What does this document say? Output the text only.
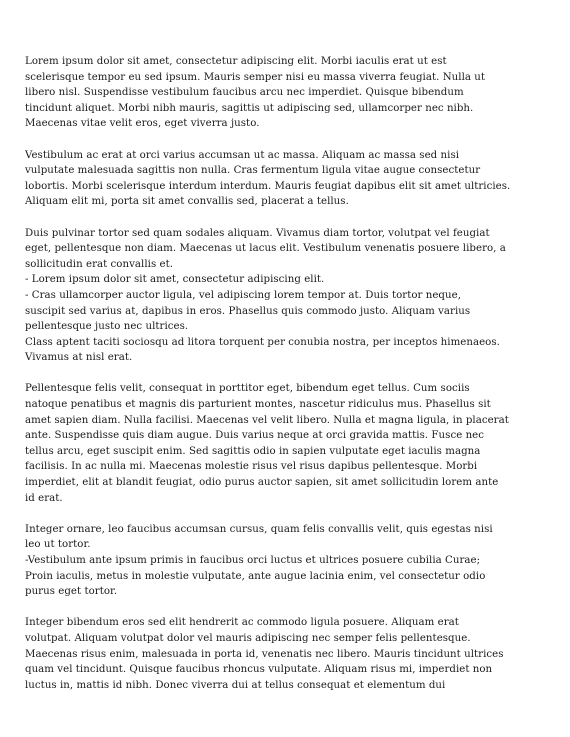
Lorem ipsum dolor sit amet, consectetur adipiscing elit. Morbi iaculis erat ut est
scelerisque tempor eu sed ipsum. Mauris semper nisi eu massa viverra feugiat. Nulla ut
libero nisl. Suspendisse vestibulum faucibus arcu nec imperdiet. Quisque bibendum
tincidunt aliquet. Morbi nibh mauris, sagittis ut adipiscing sed, ullamcorper nec nibh.
Maecenas vitae velit eros, eget viverra justo.

Vestibulum ac erat at orci varius accumsan ut ac massa. Aliquam ac massa sed nisi
vulputate malesuada sagittis non nulla. Cras fermentum ligula vitae augue consectetur
lobortis. Morbi scelerisque interdum interdum. Mauris feugiat dapibus elit sit amet ultricies.
Aliquam elit mi, porta sit amet convallis sed, placerat a tellus.

Duis pulvinar tortor sed quam sodales aliquam. Vivamus diam tortor, volutpat vel feugiat
eget, pellentesque non diam. Maecenas ut lacus elit. Vestibulum venenatis posuere libero, a
sollicitudin erat convallis et.
- Lorem ipsum dolor sit amet, consectetur adipiscing elit.
- Cras ullamcorper auctor ligula, vel adipiscing lorem tempor at. Duis tortor neque,
suscipit sed varius at, dapibus in eros. Phasellus quis commodo justo. Aliquam varius
pellentesque justo nec ultrices.
Class aptent taciti sociosqu ad litora torquent per conubia nostra, per inceptos himenaeos.
Vivamus at nisl erat.

Pellentesque felis velit, consequat in porttitor eget, bibendum eget tellus. Cum sociis
natoque penatibus et magnis dis parturient montes, nascetur ridiculus mus. Phasellus sit
amet sapien diam. Nulla facilisi. Maecenas vel velit libero. Nulla et magna ligula, in placerat
ante. Suspendisse quis diam augue. Duis varius neque at orci gravida mattis. Fusce nec
tellus arcu, eget suscipit enim. Sed sagittis odio in sapien vulputate eget iaculis magna
facilisis. In ac nulla mi. Maecenas molestie risus vel risus dapibus pellentesque. Morbi
imperdiet, elit at blandit feugiat, odio purus auctor sapien, sit amet sollicitudin lorem ante
id erat.

Integer ornare, leo faucibus accumsan cursus, quam felis convallis velit, quis egestas nisi
leo ut tortor.
-Vestibulum ante ipsum primis in faucibus orci luctus et ultrices posuere cubilia Curae;
Proin iaculis, metus in molestie vulputate, ante augue lacinia enim, vel consectetur odio
purus eget tortor.

Integer bibendum eros sed elit hendrerit ac commodo ligula posuere. Aliquam erat
volutpat. Aliquam volutpat dolor vel mauris adipiscing nec semper felis pellentesque.
Maecenas risus enim, malesuada in porta id, venenatis nec libero. Mauris tincidunt ultrices
quam vel tincidunt. Quisque faucibus rhoncus vulputate. Aliquam risus mi, imperdiet non
luctus in, mattis id nibh. Donec viverra dui at tellus consequat et elementum dui
